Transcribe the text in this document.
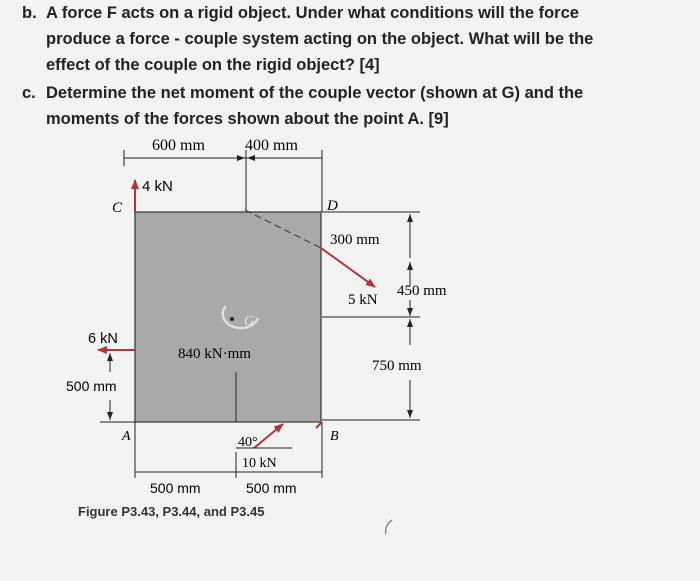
b. A force F acts on a rigid object. Under what conditions will the force
produce a force - couple system acting on the object. What will be the
effect of the couple on the rigid object? [4]
c. Determine the net moment of the couple vector (shown at G) and the
moments of the forces shown about the point A. [9]
600 mm	400 mm
4 kN
C	D
5 kN
300 mm
450 mm
750 mm
G
840 kN·mm
6 kN
500 mm
A	B
40°
10 kN
500 mm	500 mm
Figure P3.43, P3.44, and P3.45
